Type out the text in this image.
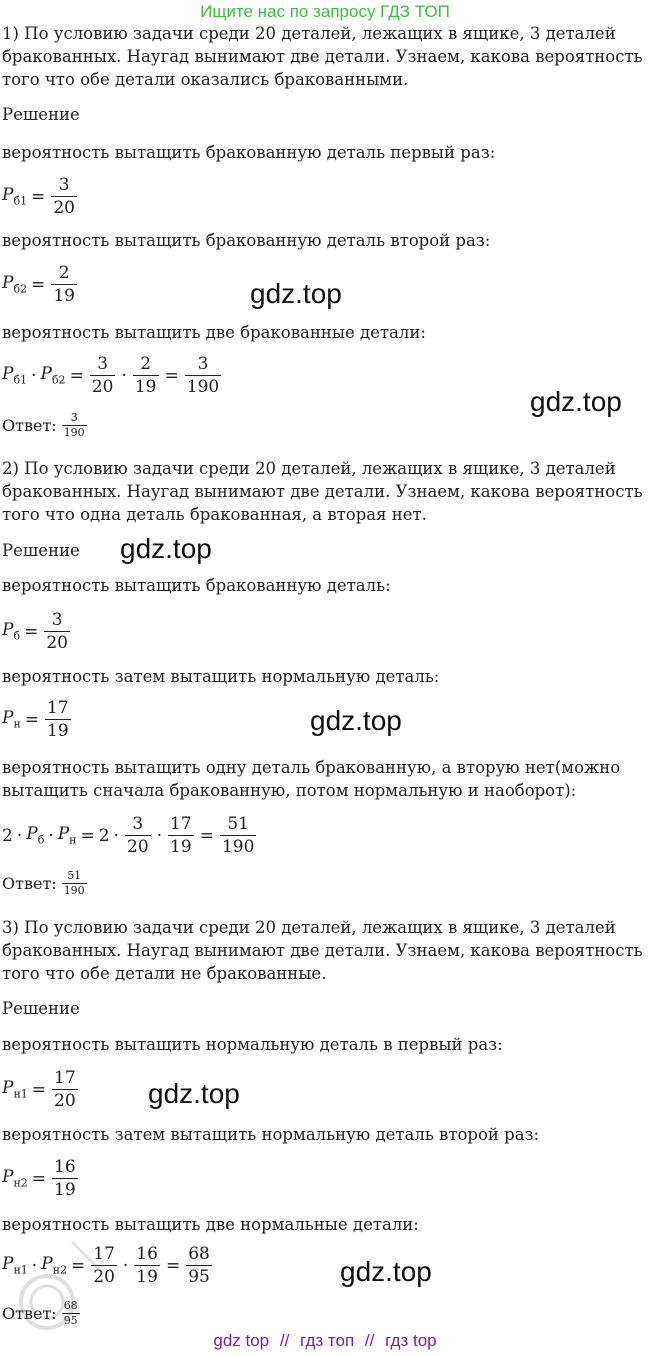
Ищите нас по запросу ГДЗ ТОП
1) По условию задачи среди 20 деталей, лежащих в ящике, 3 деталей бракованных. Наугад вынимают две детали. Узнаем, какова вероятность того что обе детали оказались бракованными.
Решение
вероятность вытащить бракованную деталь первый раз:
$P_{б1} = \frac{3}{20}$
вероятность вытащить бракованную деталь второй раз:
$P_{б2} = \frac{2}{19}$	gdz.top
вероятность вытащить две бракованные детали:
$P_{б1} \cdot P_{б2} = \frac{3}{20} \cdot \frac{2}{19} = \frac{3}{190}$
gdz.top
Ответ: $\frac{3}{190}$
2) По условию задачи среди 20 деталей, лежащих в ящике, 3 деталей бракованных. Наугад вынимают две детали. Узнаем, какова вероятность того что одна деталь бракованная, а вторая нет.
Решение gdz.top
вероятность вытащить бракованную деталь:
$P_б = \frac{3}{20}$
вероятность затем вытащить нормальную деталь:
$P_н = \frac{17}{19}$	gdz.top
вероятность вытащить одну деталь бракованную, а вторую нет(можно вытащить сначала бракованную, потом нормальную и наоборот):
$2 \cdot P_б \cdot P_н = 2 \cdot \frac{3}{20} \cdot \frac{17}{19} = \frac{51}{190}$
Ответ: $\frac{51}{190}$
3) По условию задачи среди 20 деталей, лежащих в ящике, 3 деталей бракованных. Наугад вынимают две детали. Узнаем, какова вероятность того что обе детали не бракованные.
Решение
вероятность вытащить нормальную деталь в первый раз:
$P_{н1} = \frac{17}{20}$	gdz.top
вероятность затем вытащить нормальную деталь второй раз:
$P_{н2} = \frac{16}{19}$
вероятность вытащить две нормальные детали:
$P_{н1} \cdot P_{н2} = \frac{17}{20} \cdot \frac{16}{19} = \frac{68}{95}$	gdz.top
Ответ: $\frac{68}{95}$
gdz top // гдз топ // гдз top
